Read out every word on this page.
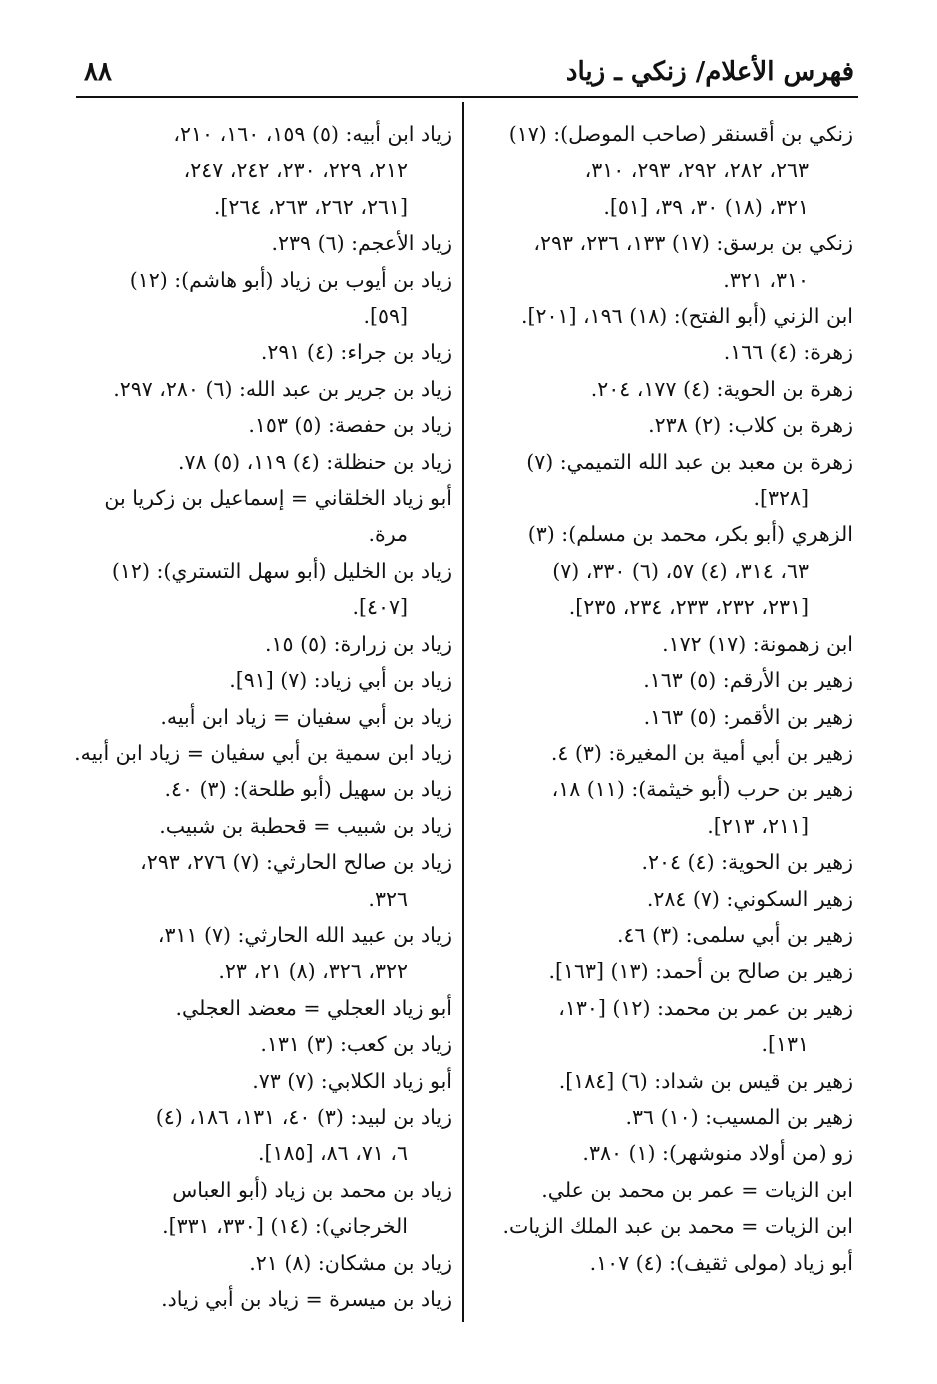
٨٨	فهرس الأعلام/ زنكي ـ زياد
زنكي بن أقسنقر (صاحب الموصل): (١٧)
٢٦٣، ٢٨٢، ٢٩٢، ٢٩٣، ٣١٠،
٣٢١، (١٨) ٣٠، ٣٩، [٥١].
زنكي بن برسق: (١٧) ١٣٣، ٢٣٦، ٢٩٣،
٣١٠، ٣٢١.
ابن الزني (أبو الفتح): (١٨) ١٩٦، [٢٠١].
زهرة: (٤) ١٦٦.
زهرة بن الحوية: (٤) ١٧٧، ٢٠٤.
زهرة بن كلاب: (٢) ٢٣٨.
زهرة بن معبد بن عبد الله التميمي: (٧)
[٣٢٨].
الزهري (أبو بكر، محمد بن مسلم): (٣)
٦٣، ٣١٤، (٤) ٥٧، (٦) ٣٣٠، (٧)
[٢٣١، ٢٣٢، ٢٣٣، ٢٣٤، ٢٣٥].
ابن زهمونة: (١٧) ١٧٢.
زهير بن الأرقم: (٥) ١٦٣.
زهير بن الأقمر: (٥) ١٦٣.
زهير بن أبي أمية بن المغيرة: (٣) ٤.
زهير بن حرب (أبو خيثمة): (١١) ١٨،
[٢١١، ٢١٣].
زهير بن الحوية: (٤) ٢٠٤.
زهير السكوني: (٧) ٢٨٤.
زهير بن أبي سلمى: (٣) ٤٦.
زهير بن صالح بن أحمد: (١٣) [١٦٣].
زهير بن عمر بن محمد: (١٢) [١٣٠،
١٣١].
زهير بن قيس بن شداد: (٦) [١٨٤].
زهير بن المسيب: (١٠) ٣٦.
زو (من أولاد منوشهر): (١) ٣٨٠.
ابن الزيات = عمر بن محمد بن علي.
ابن الزيات = محمد بن عبد الملك الزيات.
أبو زياد (مولى ثقيف): (٤) ١٠٧.
زياد ابن أبيه: (٥) ١٥٩، ١٦٠، ٢١٠،
٢١٢، ٢٢٩، ٢٣٠، ٢٤٢، ٢٤٧،
[٢٦١، ٢٦٢، ٢٦٣، ٢٦٤].
زياد الأعجم: (٦) ٢٣٩.
زياد بن أيوب بن زياد (أبو هاشم): (١٢)
[٥٩].
زياد بن جراء: (٤) ٢٩١.
زياد بن جرير بن عبد الله: (٦) ٢٨٠، ٢٩٧.
زياد بن حفصة: (٥) ١٥٣.
زياد بن حنظلة: (٤) ١١٩، (٥) ٧٨.
أبو زياد الخلقاني = إسماعيل بن زكريا بن
مرة.
زياد بن الخليل (أبو سهل التستري): (١٢)
[٤٠٧].
زياد بن زرارة: (٥) ١٥.
زياد بن أبي زياد: (٧) [٩١].
زياد بن أبي سفيان = زياد ابن أبيه.
زياد ابن سمية بن أبي سفيان = زياد ابن أبيه.
زياد بن سهيل (أبو طلحة): (٣) ٤٠.
زياد بن شبيب = قحطبة بن شبيب.
زياد بن صالح الحارثي: (٧) ٢٧٦، ٢٩٣،
٣٢٦.
زياد بن عبيد الله الحارثي: (٧) ٣١١،
٣٢٢، ٣٢٦، (٨) ٢١، ٢٣.
أبو زياد العجلي = معضد العجلي.
زياد بن كعب: (٣) ١٣١.
أبو زياد الكلابي: (٧) ٧٣.
زياد بن لبيد: (٣) ٤٠، ١٣١، ١٨٦، (٤)
٦، ٧١، ٨٦، [١٨٥].
زياد بن محمد بن زياد (أبو العباس
الخرجاني): (١٤) [٣٣٠، ٣٣١].
زياد بن مشكان: (٨) ٢١.
زياد بن ميسرة = زياد بن أبي زياد.
